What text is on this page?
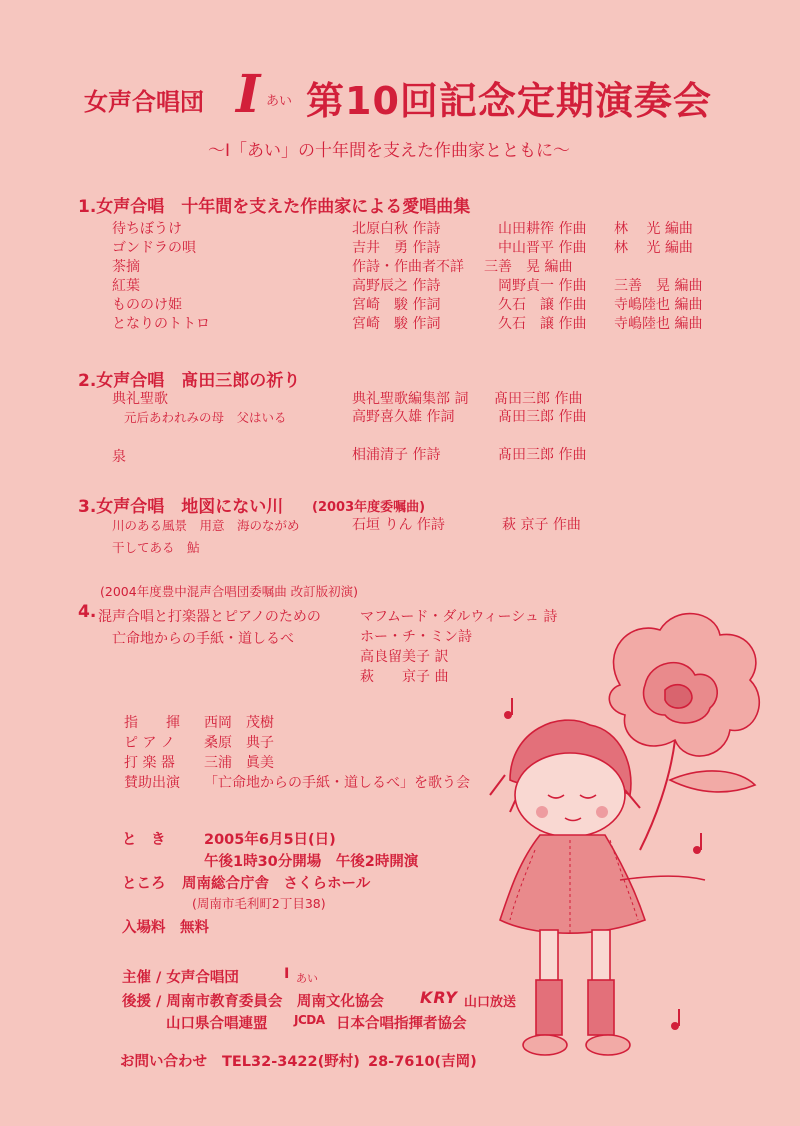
女声合唱団 I あい 第10回記念定期演奏会
～Ⅰ「あい」の十年間を支えた作曲家とともに～
1.女声合唱　十年間を支えた作曲家による愛唱曲集
待ちぼうけ	北原白秋 作詩	山田耕筰 作曲 林　 光 編曲
ゴンドラの唄	吉井　勇 作詩	中山晋平 作曲 林　 光 編曲
茶摘	作詩・作曲者不詳 三善　晃 編曲
紅葉	高野辰之 作詩	岡野貞一 作曲 三善　晃 編曲
もののけ姫	宮崎　駿 作詞	久石　譲 作曲 寺嶋陸也 編曲
となりのトトロ	宮崎　駿 作詞	久石　譲 作曲 寺嶋陸也 編曲
2.女声合唱　髙田三郎の祈り
典礼聖歌	典礼聖歌編集部 詞 髙田三郎 作曲
元后あわれみの母　父はいる	高野喜久雄 作詞	髙田三郎 作曲
泉	相浦清子 作詩	髙田三郎 作曲
3.女声合唱　地図にない川 (2003年度委嘱曲)
川のある風景　用意　海のながめ	石垣 りん 作詩	萩 京子 作曲
干してある　鮎
(2004年度豊中混声合唱団委嘱曲 改訂版初演)
4. 混声合唱と打楽器とピアノのための
亡命地からの手紙・道しるべ
マフムード・ダルウィーシュ 詩
ホー・チ・ミン詩
高良留美子 訳
萩　　京子 曲
指　　揮 西岡　茂樹
ピ ア ノ 桑原　典子
打 楽 器 三浦　眞美
賛助出演 「亡命地からの手紙・道しるべ」を歌う会
と　き	2005年6月5日(日)
午後1時30分開場　午後2時開演
ところ 周南総合庁舎　さくらホール
(周南市毛利町2丁目38)
入場料　無料
主催 / 女声合唱団	Ⅰ あい
後援 / 周南市教育委員会　周南文化協会 KRY 山口放送
山口県合唱連盟 JCDA 日本合唱指揮者協会
お問い合わせ TEL32-3422(野村) 28-7610(吉岡)
